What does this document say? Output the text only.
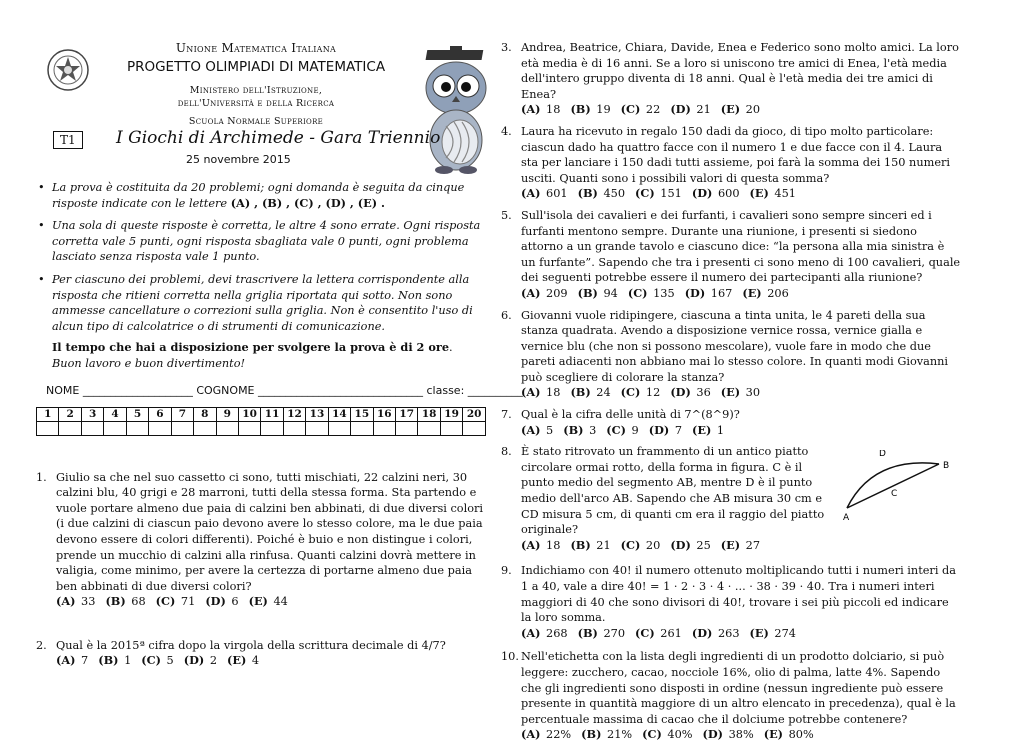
Unione Matematica Italiana
PROGETTO OLIMPIADI DI MATEMATICA
Ministero dell'Istruzione,
dell'Università e della Ricerca
Scuola Normale Superiore
T1	I Giochi di Archimede - Gara Triennio
25 novembre 2015
• La prova è costituita da 20 problemi; ogni domanda è seguita da cinque risposte indicate con le lettere (A) , (B) , (C) , (D) , (E) .
• Una sola di queste risposte è corretta, le altre 4 sono errate. Ogni risposta corretta vale 5 punti, ogni risposta sbagliata vale 0 punti, ogni problema lasciato senza risposta vale 1 punto.
• Per ciascuno dei problemi, devi trascrivere la lettera corrispondente alla risposta che ritieni corretta nella griglia riportata qui sotto. Non sono ammesse cancellature o correzioni sulla griglia. Non è consentito l'uso di alcun tipo di calcolatrice o di strumenti di comunicazione.
Il tempo che hai a disposizione per svolgere la prova è di 2 ore.
Buon lavoro e buon divertimento!
NOME ____________________ COGNOME ______________________________ classe: __________
1	2	3	4	5	6	7	8	9	10	11	12	13	14	15	16	17	18	19	20

1. Giulio sa che nel suo cassetto ci sono, tutti mischiati, 22 calzini neri, 30 calzini blu, 40 grigi e 28 marroni, tutti della stessa forma. Sta partendo e vuole portare almeno due paia di calzini ben abbinati, di due diversi colori (i due calzini di ciascun paio devono avere lo stesso colore, ma le due paia devono essere di colori differenti). Poiché è buio e non distingue i colori, prende un mucchio di calzini alla rinfusa. Quanti calzini dovrà mettere in valigia, come minimo, per avere la certezza di portarne almeno due paia ben abbinati di due diversi colori?
(A) 33 (B) 68 (C) 71 (D) 6 (E) 44
2. Qual è la 2015ª cifra dopo la virgola della scrittura decimale di 4/7?
(A) 7 (B) 1 (C) 5 (D) 2 (E) 4
3. Andrea, Beatrice, Chiara, Davide, Enea e Federico sono molto amici. La loro età media è di 16 anni. Se a loro si uniscono tre amici di Enea, l'età media dell'intero gruppo diventa di 18 anni. Qual è l'età media dei tre amici di Enea?
(A) 18 (B) 19 (C) 22 (D) 21 (E) 20
4. Laura ha ricevuto in regalo 150 dadi da gioco, di tipo molto particolare: ciascun dado ha quattro facce con il numero 1 e due facce con il 4. Laura sta per lanciare i 150 dadi tutti assieme, poi farà la somma dei 150 numeri usciti. Quanti sono i possibili valori di questa somma?
(A) 601 (B) 450 (C) 151 (D) 600 (E) 451
5. Sull'isola dei cavalieri e dei furfanti, i cavalieri sono sempre sinceri ed i furfanti mentono sempre. Durante una riunione, i presenti si siedono attorno a un grande tavolo e ciascuno dice: “la persona alla mia sinistra è un furfante”. Sapendo che tra i presenti ci sono meno di 100 cavalieri, quale dei seguenti potrebbe essere il numero dei partecipanti alla riunione?
(A) 209 (B) 94 (C) 135 (D) 167 (E) 206
6. Giovanni vuole ridipingere, ciascuna a tinta unita, le 4 pareti della sua stanza quadrata. Avendo a disposizione vernice rossa, vernice gialla e vernice blu (che non si possono mescolare), vuole fare in modo che due pareti adiacenti non abbiano mai lo stesso colore. In quanti modi Giovanni può scegliere di colorare la stanza?
(A) 18 (B) 24 (C) 12 (D) 36 (E) 30
7. Qual è la cifra delle unità di 7^(8^9)?
(A) 5 (B) 3 (C) 9 (D) 7 (E) 1
8. È stato ritrovato un frammento di un antico piatto circolare ormai rotto, della forma in figura. C è il punto medio del segmento AB, mentre D è il punto medio dell'arco AB. Sapendo che AB misura 30 cm e CD misura 5 cm, di quanti cm era il raggio del piatto originale?
(A) 18 (B) 21 (C) 20 (D) 25 (E) 27
D
B
C
A
9. Indichiamo con 40! il numero ottenuto moltiplicando tutti i numeri interi da 1 a 40, vale a dire 40! = 1 · 2 · 3 · 4 · ... · 38 · 39 · 40. Tra i numeri interi maggiori di 40 che sono divisori di 40!, trovare i sei più piccoli ed indicare la loro somma.
(A) 268 (B) 270 (C) 261 (D) 263 (E) 274
10. Nell'etichetta con la lista degli ingredienti di un prodotto dolciario, si può leggere: zucchero, cacao, nocciole 16%, olio di palma, latte 4%. Sapendo che gli ingredienti sono disposti in ordine (nessun ingrediente può essere presente in quantità maggiore di un altro elencato in precedenza), qual è la percentuale massima di cacao che il dolciume potrebbe contenere?
(A) 22% (B) 21% (C) 40% (D) 38% (E) 80%
